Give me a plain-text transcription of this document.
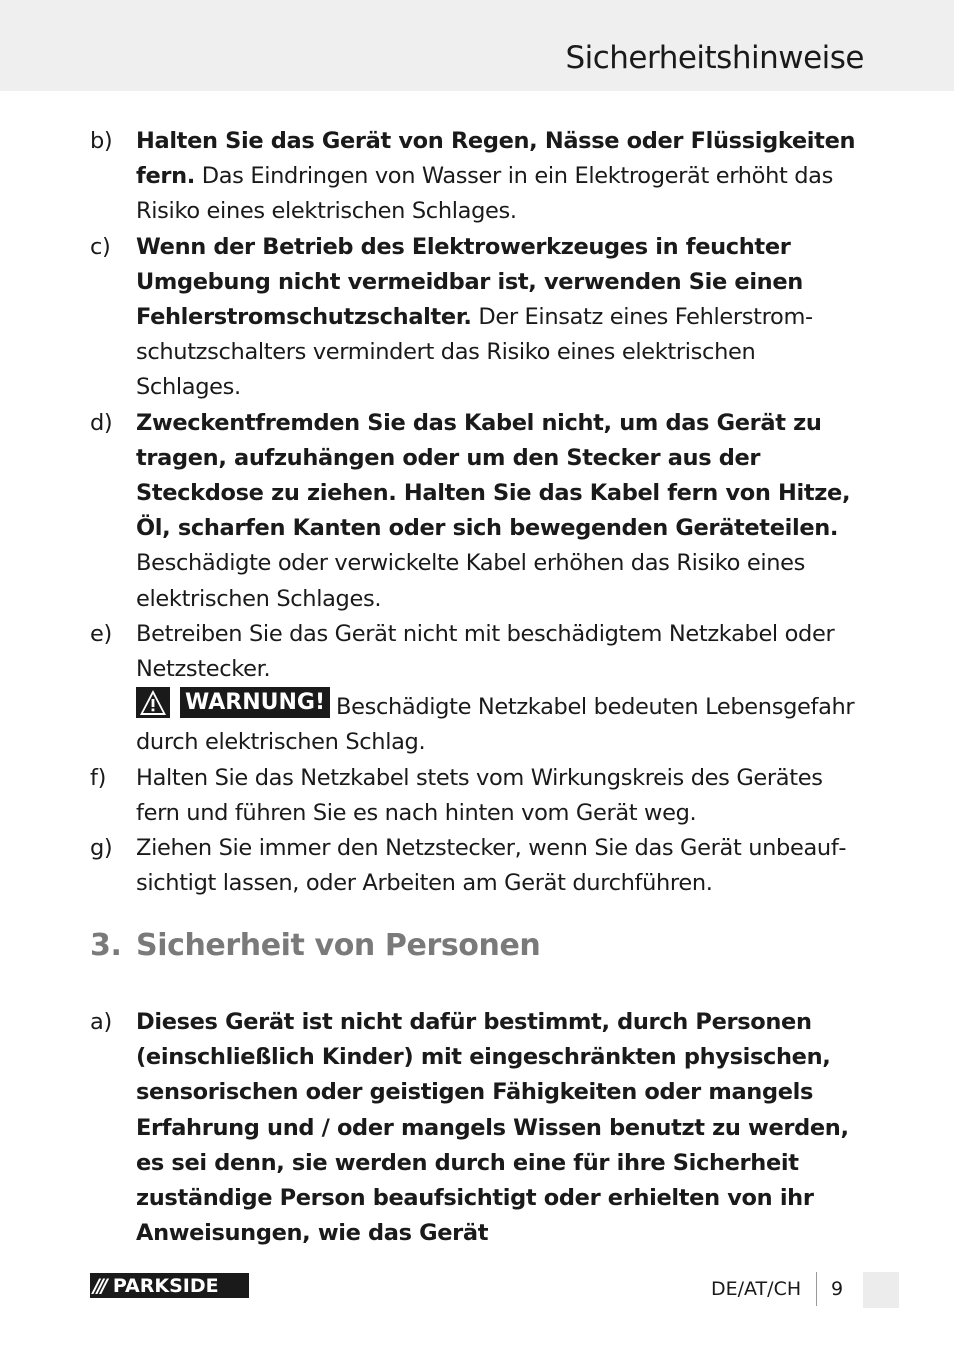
Sicherheitshinweise
b)	Halten Sie das Gerät von Regen, Nässe oder Flüssigkeiten fern. Das Eindringen von Wasser in ein Elektrogerät erhöht das Risiko eines elektrischen Schlages.
c)	Wenn der Betrieb des Elektrowerkzeuges in feuchter Umgebung nicht vermeidbar ist, verwenden Sie einen Fehlerstromschutzschalter. Der Einsatz eines Fehlerstromschutzschalters vermindert das Risiko eines elektrischen Schlages.
d)	Zweckentfremden Sie das Kabel nicht, um das Gerät zu tragen, aufzuhängen oder um den Stecker aus der Steckdose zu ziehen. Halten Sie das Kabel fern von Hitze, Öl, scharfen Kanten oder sich bewegenden Geräteteilen. Beschädigte oder verwickelte Kabel erhöhen das Risiko eines elektrischen Schlages.
e)	Betreiben Sie das Gerät nicht mit beschädigtem Netzkabel oder Netzstecker.

WARNUNG! Beschädigte Netzkabel bedeuten Lebensgefahr durch elektrischen Schlag.
f)	Halten Sie das Netzkabel stets vom Wirkungskreis des Gerätes fern und führen Sie es nach hinten vom Gerät weg.
g)	Ziehen Sie immer den Netzstecker, wenn Sie das Gerät unbeaufsichtigt lassen, oder Arbeiten am Gerät durchführen.
3. Sicherheit von Personen
a)	Dieses Gerät ist nicht dafür bestimmt, durch Personen (einschließlich Kinder) mit eingeschränkten physischen, sensorischen oder geistigen Fähigkeiten oder mangels Erfahrung und / oder mangels Wissen benutzt zu werden, es sei denn, sie werden durch eine für ihre Sicherheit zuständige Person beaufsichtigt oder erhielten von ihr Anweisungen, wie das Gerät
/// PARKSIDE	DE/AT/CH 9
